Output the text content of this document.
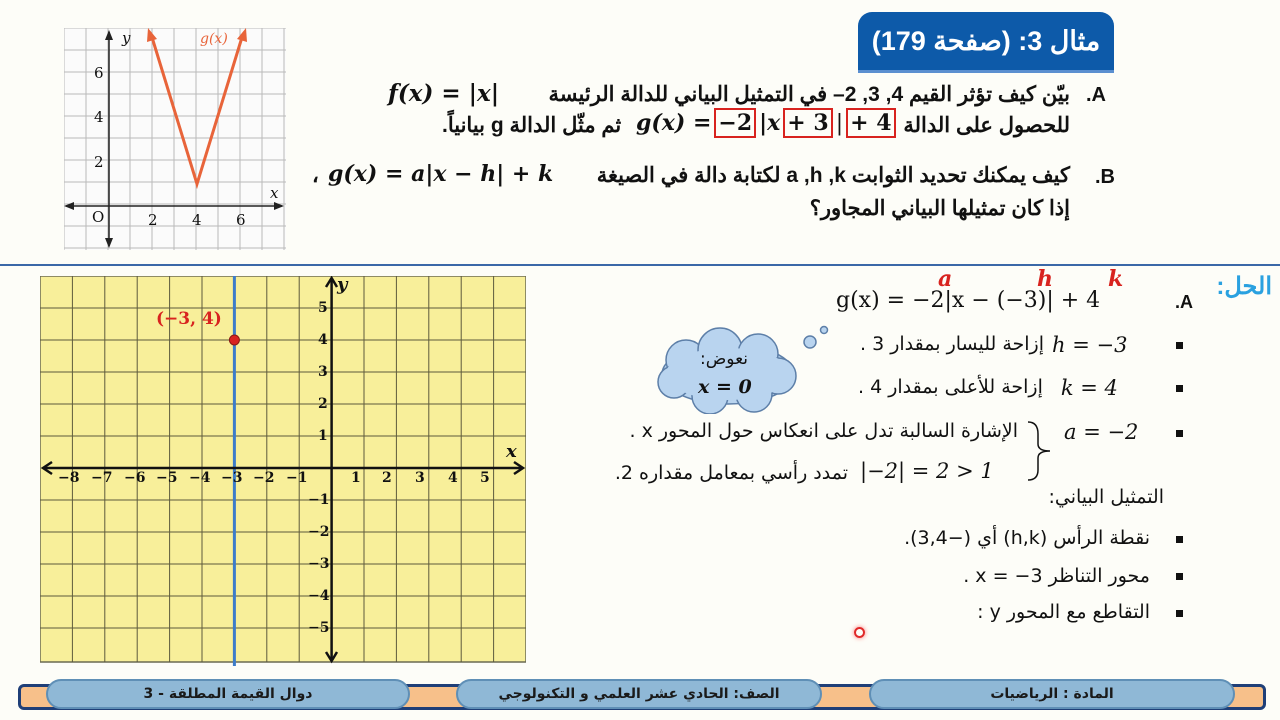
مثال 3: (صفحة 179)
.A
بيّن كيف تؤثر القيم 4, 3, 2– في التمثيل البياني للدالة الرئيسة
f(x) = |x|
للحصول على الدالة
g(x) = −2 |x + 3 | + 4
ثم مثّل الدالة g بيانياً.
.B
كيف يمكنك تحديد الثوابت a ,h ,k لكتابة دالة في الصيغة
g(x) = a|x − h| + k
،
إذا كان تمثيلها البياني المجاور؟
y
x
g(x)
O	2 4 6
2
4
6
y
x
(−3, 4)
−8 −7 −6 −5 −4 −3 −2 −1	1 2 3 4 5
5
4
3
2
1
−1
−2
−3
−4
−5
الحل:
.A
a	h	k
g(x) = −2|x − (−3)| + 4
h = −3
إزاحة لليسار بمقدار 3 .
k = 4
إزاحة للأعلى بمقدار 4 .
a = −2
الإشارة السالبة تدل على انعكاس حول المحور x .
|−2| = 2 > 1
تمدد رأسي بمعامل مقداره 2.
التمثيل البياني:
نقطة الرأس (h,k) أي (−3,4).
محور التناظر x = −3 .
التقاطع مع المحور y :
نعوض:
x = 0
دوال القيمة المطلقة - 3	الصف: الحادي عشر العلمي و التكنولوجي	المادة : الرياضيات
